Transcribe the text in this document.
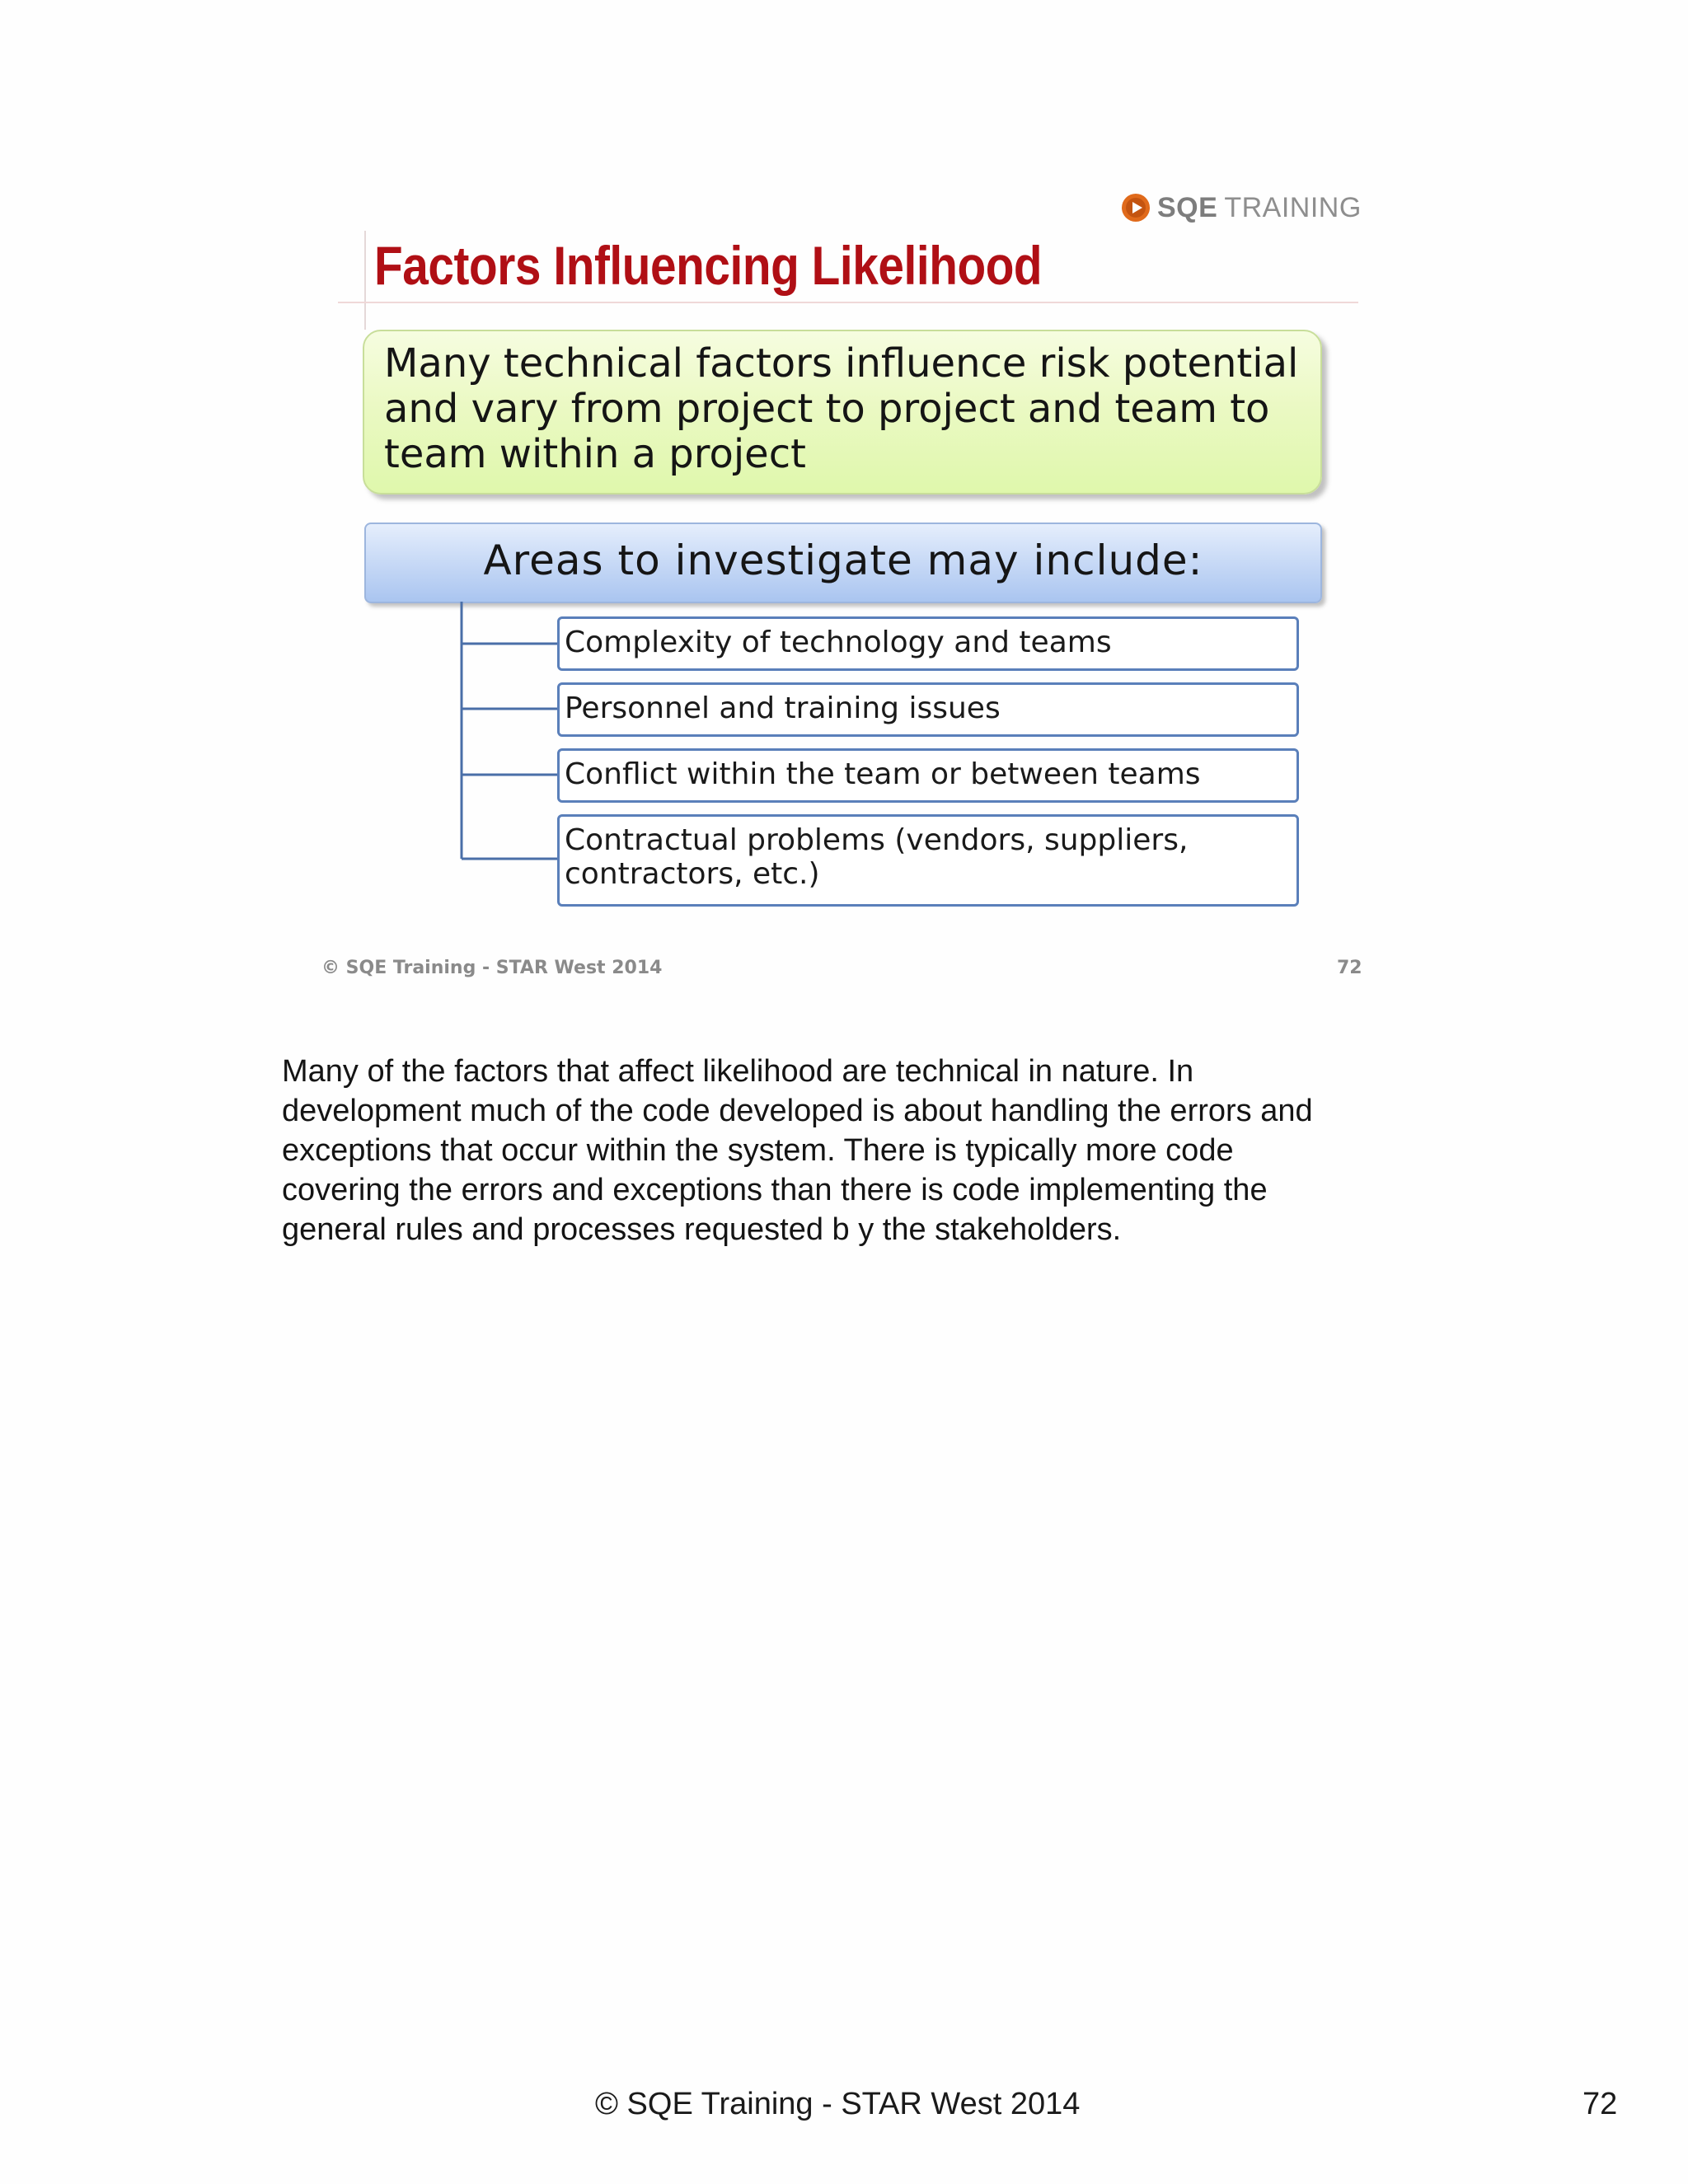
SQE TRAINING
Factors Influencing Likelihood
Many technical factors influence risk potential and vary from project to project and team to team within a project
Areas to investigate may include:
Complexity of technology and teams
Personnel and training issues
Conflict within the team or between teams
Contractual problems (vendors, suppliers, contractors, etc.)
© SQE Training - STAR West 2014	72
Many of the factors that affect likelihood are technical in nature. In
development much of the code developed is about handling the errors and
exceptions that occur within the system. There is typically more code
covering the errors and exceptions than there is code implementing the
general rules and processes requested b y the stakeholders.
© SQE Training - STAR West 2014	72
